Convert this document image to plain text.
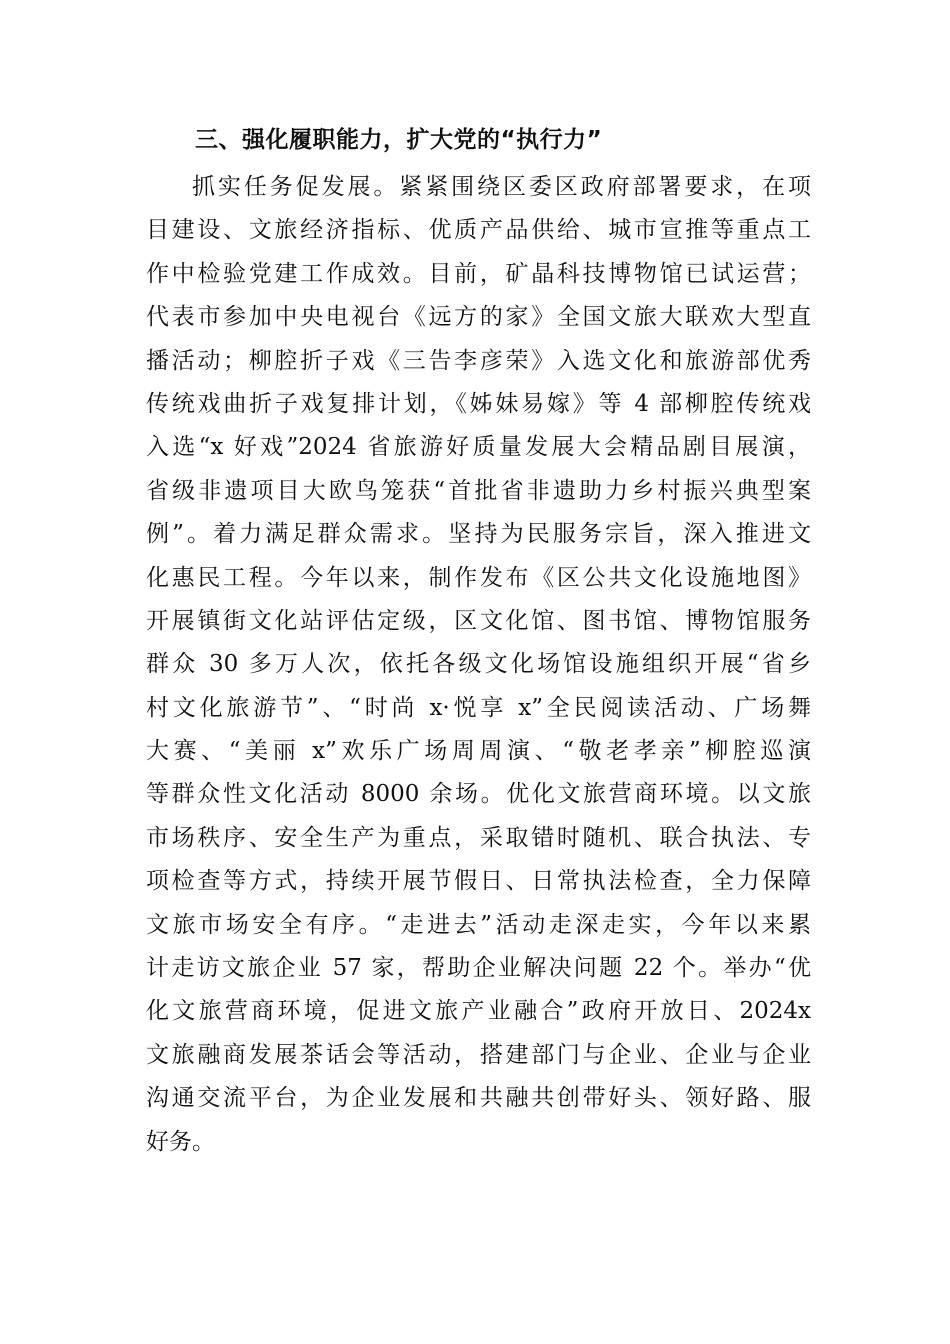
三、强化履职能力，扩大党的“执行力”
抓实任务促发展。紧紧围绕区委区政府部署要求，在项
目建设、文旅经济指标、优质产品供给、城市宣推等重点工
作中检验党建工作成效。目前，矿晶科技博物馆已试运营；
代表市参加中央电视台《远方的家》全国文旅大联欢大型直
播活动；柳腔折子戏《三告李彦荣》入选文化和旅游部优秀
传统戏曲折子戏复排计划，《姊妹易嫁》等 4 部柳腔传统戏
入选“x 好戏”2024 省旅游好质量发展大会精品剧目展演，
省级非遗项目大欧鸟笼获“首批省非遗助力乡村振兴典型案
例”。着力满足群众需求。坚持为民服务宗旨，深入推进文
化惠民工程。今年以来，制作发布《区公共文化设施地图》
开展镇街文化站评估定级，区文化馆、图书馆、博物馆服务
群众 30 多万人次，依托各级文化场馆设施组织开展“省乡
村文化旅游节”、“时尚 x·悦享 x”全民阅读活动、广场舞
大赛、“美丽 x”欢乐广场周周演、“敬老孝亲”柳腔巡演
等群众性文化活动 8000 余场。优化文旅营商环境。以文旅
市场秩序、安全生产为重点，采取错时随机、联合执法、专
项检查等方式，持续开展节假日、日常执法检查，全力保障
文旅市场安全有序。“走进去”活动走深走实，今年以来累
计走访文旅企业 57 家，帮助企业解决问题 22 个。举办“优
化文旅营商环境，促进文旅产业融合”政府开放日、2024x
文旅融商发展茶话会等活动，搭建部门与企业、企业与企业
沟通交流平台，为企业发展和共融共创带好头、领好路、服
好务。
